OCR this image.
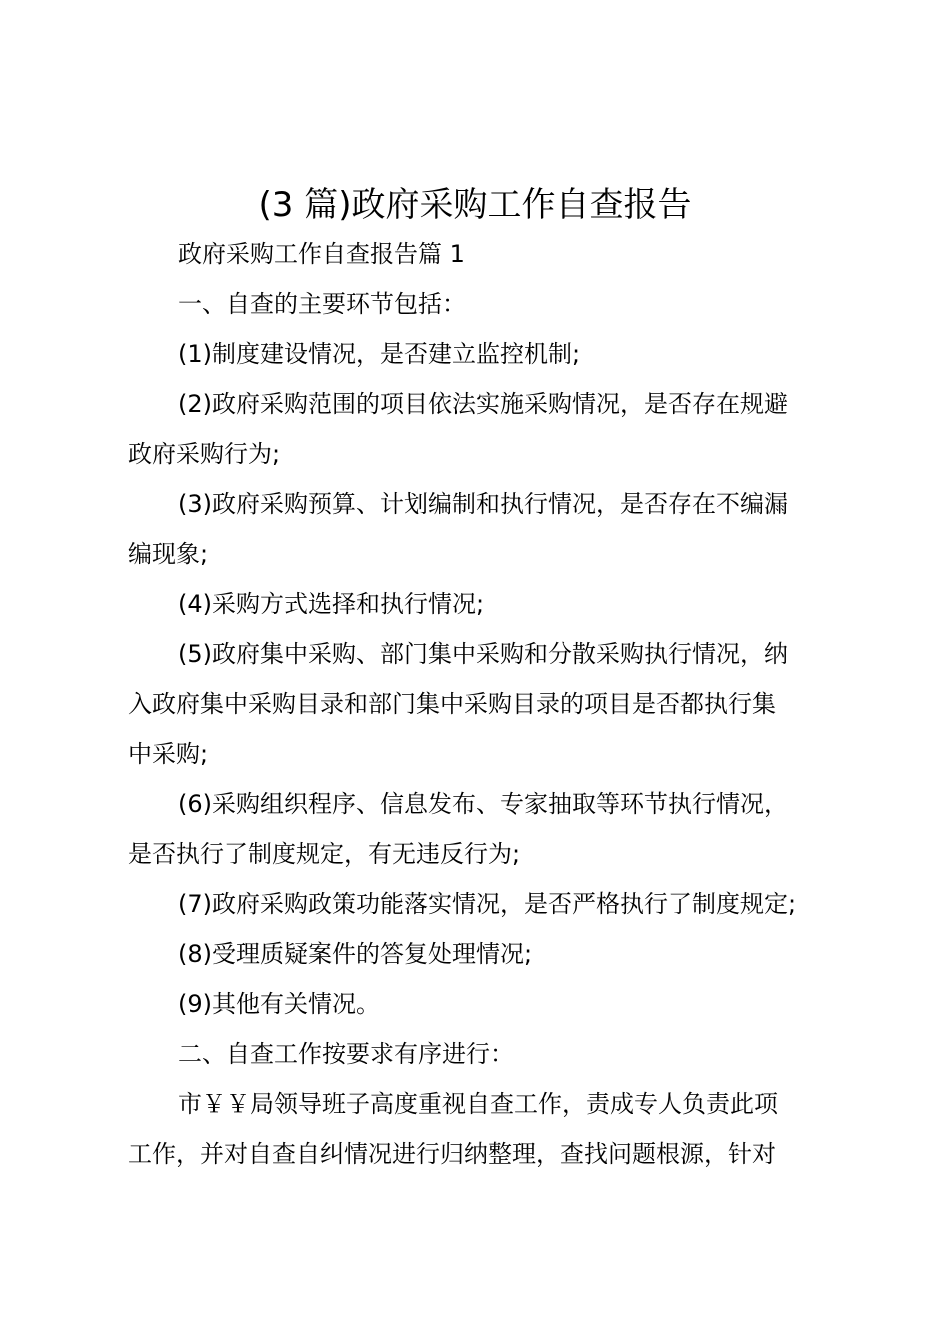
(3 篇)政府采购工作自查报告
政府采购工作自查报告篇 1
一、自查的主要环节包括：
(1)制度建设情况，是否建立监控机制;
(2)政府采购范围的项目依法实施采购情况，是否存在规避
政府采购行为;
(3)政府采购预算、计划编制和执行情况，是否存在不编漏
编现象;
(4)采购方式选择和执行情况;
(5)政府集中采购、部门集中采购和分散采购执行情况，纳
入政府集中采购目录和部门集中采购目录的项目是否都执行集
中采购;
(6)采购组织程序、信息发布、专家抽取等环节执行情况，
是否执行了制度规定，有无违反行为;
(7)政府采购政策功能落实情况，是否严格执行了制度规定;
(8)受理质疑案件的答复处理情况;
(9)其他有关情况。
二、自查工作按要求有序进行：
市￥￥局领导班子高度重视自查工作，责成专人负责此项
工作，并对自查自纠情况进行归纳整理，查找问题根源，针对
